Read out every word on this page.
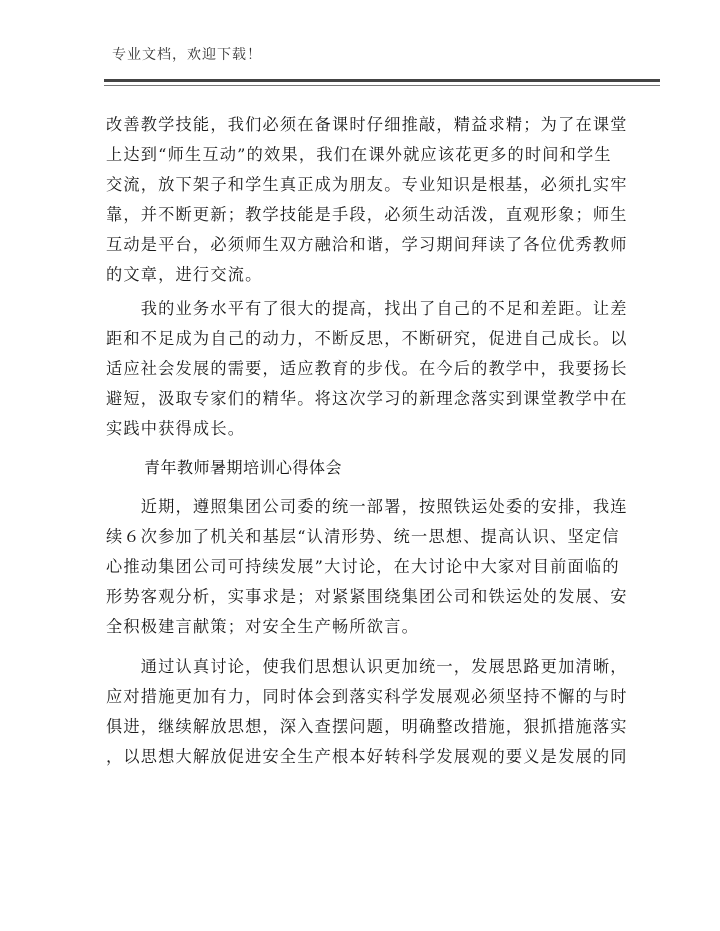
专业文档，欢迎下载！
改善教学技能，我们必须在备课时仔细推敲，精益求精；为了在课堂
上达到“师生互动”的效果，我们在课外就应该花更多的时间和学生
交流，放下架子和学生真正成为朋友。专业知识是根基，必须扎实牢
靠，并不断更新；教学技能是手段，必须生动活泼，直观形象；师生
互动是平台，必须师生双方融洽和谐，学习期间拜读了各位优秀教师
的文章，进行交流。
　　我的业务水平有了很大的提高，找出了自己的不足和差距。让差
距和不足成为自己的动力，不断反思，不断研究，促进自己成长。以
适应社会发展的需要，适应教育的步伐。在今后的教学中，我要扬长
避短，汲取专家们的精华。将这次学习的新理念落实到课堂教学中在
实践中获得成长。
青年教师暑期培训心得体会
　　近期，遵照集团公司委的统一部署，按照铁运处委的安排，我连
续６次参加了机关和基层“认清形势、统一思想、提高认识、坚定信
心推动集团公司可持续发展”大讨论，在大讨论中大家对目前面临的
形势客观分析，实事求是；对紧紧围绕集团公司和铁运处的发展、安
全积极建言献策；对安全生产畅所欲言。
　　通过认真讨论，使我们思想认识更加统一，发展思路更加清晰，
应对措施更加有力，同时体会到落实科学发展观必须坚持不懈的与时
俱进，继续解放思想，深入查摆问题，明确整改措施，狠抓措施落实
，以思想大解放促进安全生产根本好转科学发展观的要义是发展的同
